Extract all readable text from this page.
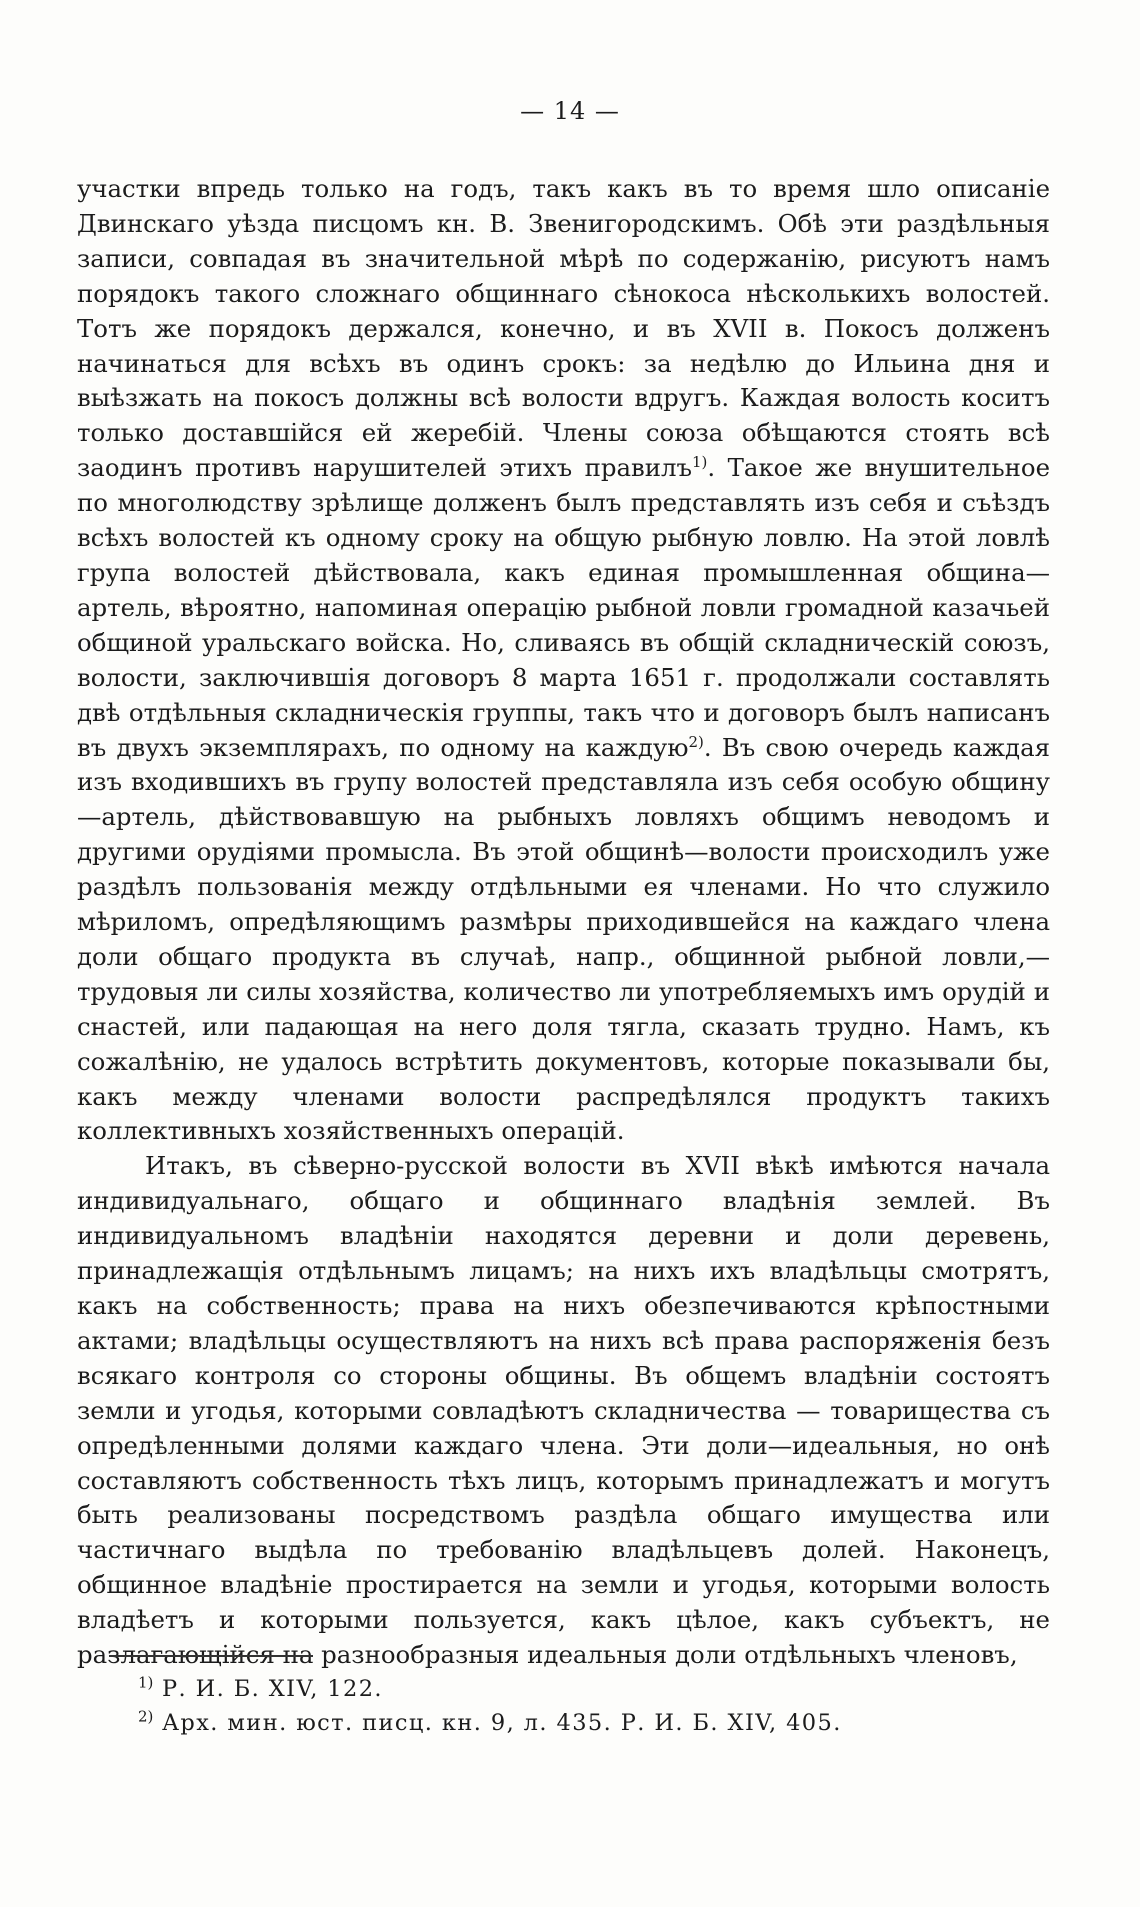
— 14 —

участки впредь только на годъ, такъ какъ въ то время шло описанiе Двинскаго уѣзда писцомъ кн. В. Звенигородскимъ. Обѣ эти раздѣльныя записи, совпадая въ значительной мѣрѣ по содержанiю, рисуютъ намъ порядокъ такого сложнаго общиннаго сѣнокоса нѣсколькихъ волостей. Тотъ же порядокъ держался, конечно, и въ XVII в. Покосъ долженъ начинаться для всѣхъ въ одинъ срокъ: за недѣлю до Ильина дня и выѣзжать на покосъ должны всѣ волости вдругъ. Каждая волость коситъ только доставшiйся ей жеребiй. Члены союза обѣщаются стоять всѣ заодинъ противъ нарушителей этихъ правилъ$^{1)}$. Такое же внушительное по многолюдству зрѣлище долженъ былъ представлять изъ себя и съѣздъ всѣхъ волостей къ одному сроку на общую рыбную ловлю. На этой ловлѣ група волостей дѣйствовала, какъ единая промышленная община—артель, вѣроятно, напоминая операцiю рыбной ловли громадной казачьей общиной уральскаго войска. Но, сливаясь въ общiй складническiй союзъ, волости, заключившiя договоръ 8 марта 1651 г. продолжали составлять двѣ отдѣльныя складническiя группы, такъ что и договоръ былъ написанъ въ двухъ экземплярахъ, по одному на каждую$^{2)}$. Въ свою очередь каждая изъ входившихъ въ групу волостей представляла изъ себя особую общину—артель, дѣйствовавшую на рыбныхъ ловляхъ общимъ неводомъ и другими орудiями промысла. Въ этой общинѣ—волости происходилъ уже раздѣлъ пользованiя между отдѣльными ея членами. Но что служило мѣриломъ, опредѣляющимъ размѣры приходившейся на каждаго члена доли общаго продукта въ случаѣ, напр., общинной рыбной ловли,—трудовыя ли силы хозяйства, количество ли употребляемыхъ имъ орудiй и снастей, или падающая на него доля тягла, сказать трудно. Намъ, къ сожалѣнiю, не удалось встрѣтить документовъ, которые показывали бы, какъ между членами волости распредѣлялся продуктъ такихъ коллективныхъ хозяйственныхъ операцiй.

Итакъ, въ сѣверно-русской волости въ XVII вѣкѣ имѣются начала индивидуальнаго, общаго и общиннаго владѣнiя землей. Въ индивидуальномъ владѣнiи находятся деревни и доли деревень, принадлежащiя отдѣльнымъ лицамъ; на нихъ ихъ владѣльцы смотрятъ, какъ на собственность; права на нихъ обезпечиваются крѣпостными актами; владѣльцы осуществляютъ на нихъ всѣ права распоряженiя безъ всякаго контроля со стороны общины. Въ общемъ владѣнiи состоятъ земли и угодья, которыми совладѣютъ складничества — товарищества съ опредѣленными долями каждаго члена. Эти доли—идеальныя, но онѣ составляютъ собственность тѣхъ лицъ, которымъ принадлежатъ и могутъ быть реализованы посредствомъ раздѣла общаго имущества или частичнаго выдѣла по требованiю владѣльцевъ долей. Наконецъ, общинное владѣнiе простирается на земли и угодья, которыми волость владѣетъ и которыми пользуется, какъ цѣлое, какъ субъектъ, не разлагающiйся на разнообразныя идеальныя доли отдѣльныхъ членовъ,

$^{1)}$ Р. И. Б. XIV, 122.
$^{2)}$ Арх. мин. юст. писц. кн. 9, л. 435. Р. И. Б. XIV, 405.
